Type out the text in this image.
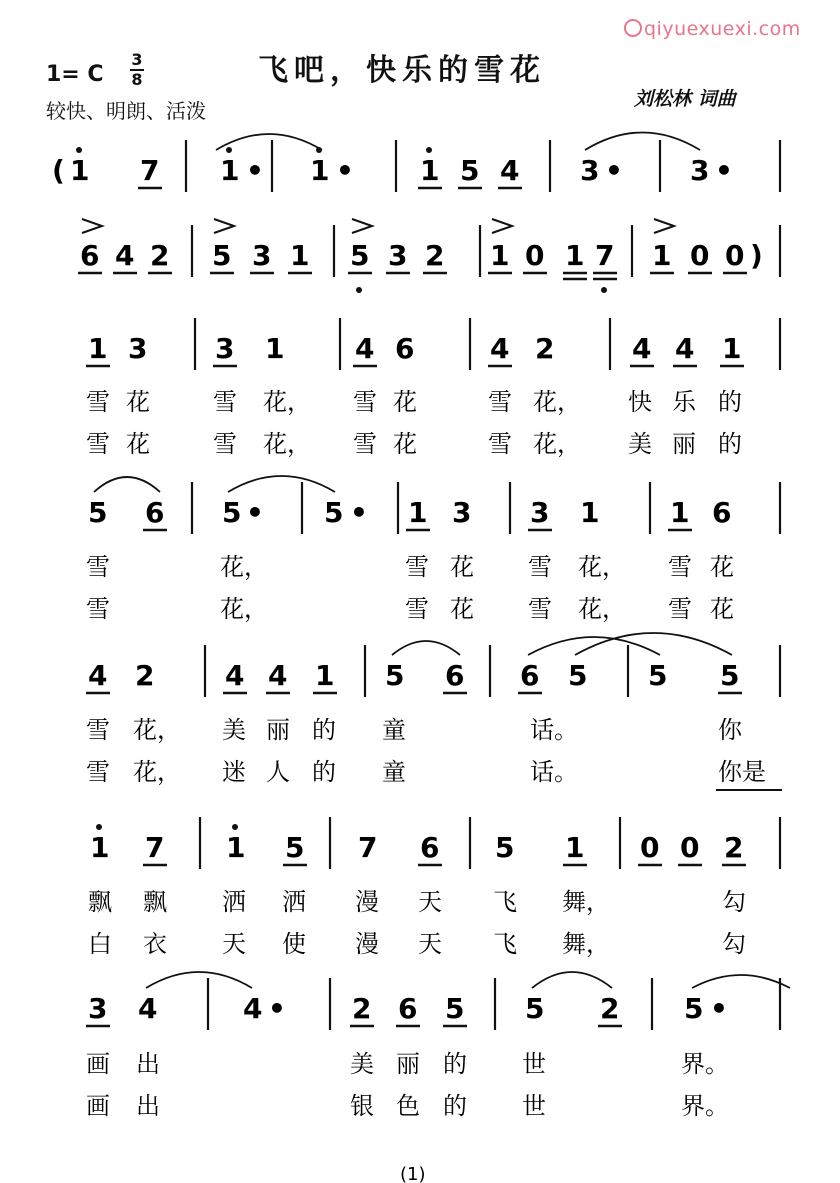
qiyuexuexi.com
1= C
3
8	飞吧，快乐的雪花
较快、明朗、活泼	刘松林 词曲
( 1 7 1 • 1 • 1 5 4 3 • 3 •
6 4 2 5 3 1 5 3 2 1 0 1 7 1 0 0 )
1 3 3 1	4 6	4 2	4 4 1
5 6 5 • 5 • 1 3 3 1	1 6
4 2	4 4 1 5 6 6 5 5 5
1 7 1 5 7 6 5 1 0 0 2
3 4	4 • 2 6 5 5 2 5 •
雪 花	雪 花， 雪 花	雪 花， 快 乐 的
雪 花	雪 花， 雪 花	雪 花， 美 丽 的
雪	花，	雪 花 雪 花， 雪 花
雪	花，	雪 花 雪 花， 雪 花
雪 花， 美 丽 的 童	话。	你
雪 花， 迷 人 的 童	话。	你是
飘 飘 洒 洒 漫 天 飞 舞，	勾
白 衣 天 使 漫 天 飞 舞，	勾
画 出	美 丽 的 世	界。
画 出	银 色 的 世	界。
(1)
